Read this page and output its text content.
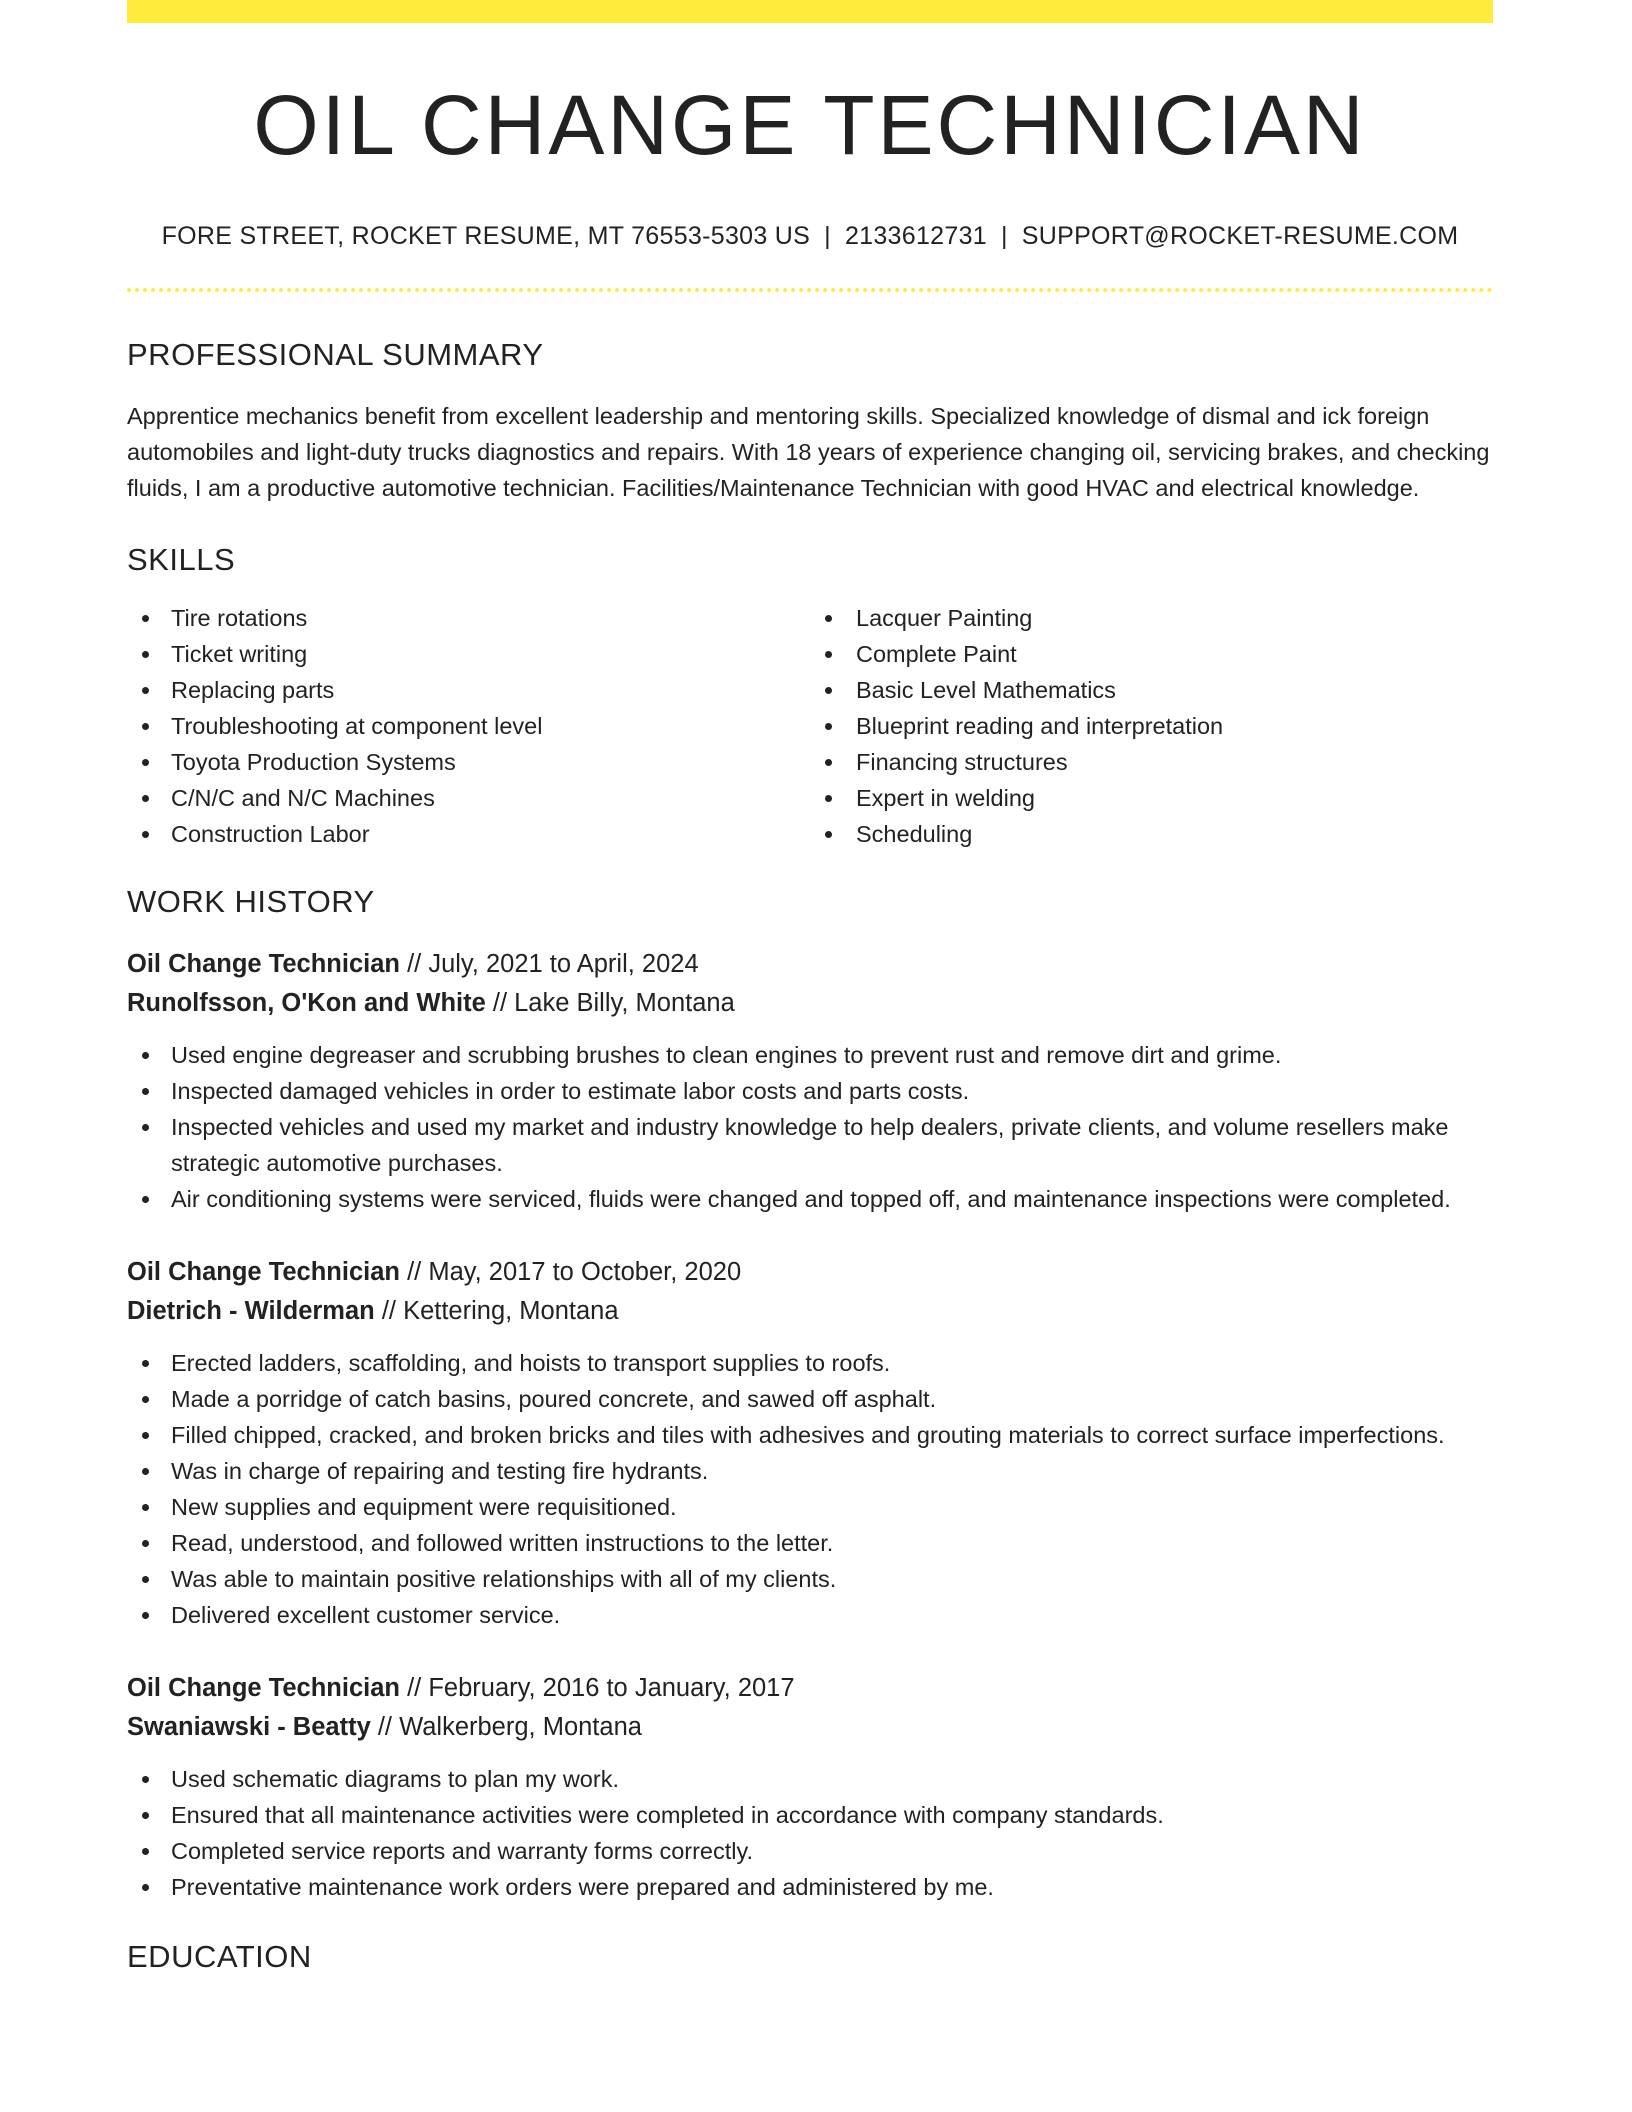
OIL CHANGE TECHNICIAN
FORE STREET, ROCKET RESUME, MT 76553-5303 US | 2133612731 | SUPPORT@ROCKET-RESUME.COM
PROFESSIONAL SUMMARY

Apprentice mechanics benefit from excellent leadership and mentoring skills. Specialized knowledge of dismal and ick foreign automobiles and light-duty trucks diagnostics and repairs. With 18 years of experience changing oil, servicing brakes, and checking fluids, I am a productive automotive technician. Facilities/Maintenance Technician with good HVAC and electrical knowledge.

SKILLS
Tire rotations
Ticket writing
Replacing parts
Troubleshooting at component level
Toyota Production Systems
C/N/C and N/C Machines
Construction Labor
Lacquer Painting
Complete Paint
Basic Level Mathematics
Blueprint reading and interpretation
Financing structures
Expert in welding
Scheduling
WORK HISTORY
Oil Change Technician // July, 2021 to April, 2024
Runolfsson, O'Kon and White // Lake Billy, Montana
Used engine degreaser and scrubbing brushes to clean engines to prevent rust and remove dirt and grime.
Inspected damaged vehicles in order to estimate labor costs and parts costs.
Inspected vehicles and used my market and industry knowledge to help dealers, private clients, and volume resellers make strategic automotive purchases.
Air conditioning systems were serviced, fluids were changed and topped off, and maintenance inspections were completed.
Oil Change Technician // May, 2017 to October, 2020
Dietrich - Wilderman // Kettering, Montana
Erected ladders, scaffolding, and hoists to transport supplies to roofs.
Made a porridge of catch basins, poured concrete, and sawed off asphalt.
Filled chipped, cracked, and broken bricks and tiles with adhesives and grouting materials to correct surface imperfections.
Was in charge of repairing and testing fire hydrants.
New supplies and equipment were requisitioned.
Read, understood, and followed written instructions to the letter.
Was able to maintain positive relationships with all of my clients.
Delivered excellent customer service.
Oil Change Technician // February, 2016 to January, 2017
Swaniawski - Beatty // Walkerberg, Montana
Used schematic diagrams to plan my work.
Ensured that all maintenance activities were completed in accordance with company standards.
Completed service reports and warranty forms correctly.
Preventative maintenance work orders were prepared and administered by me.
EDUCATION
